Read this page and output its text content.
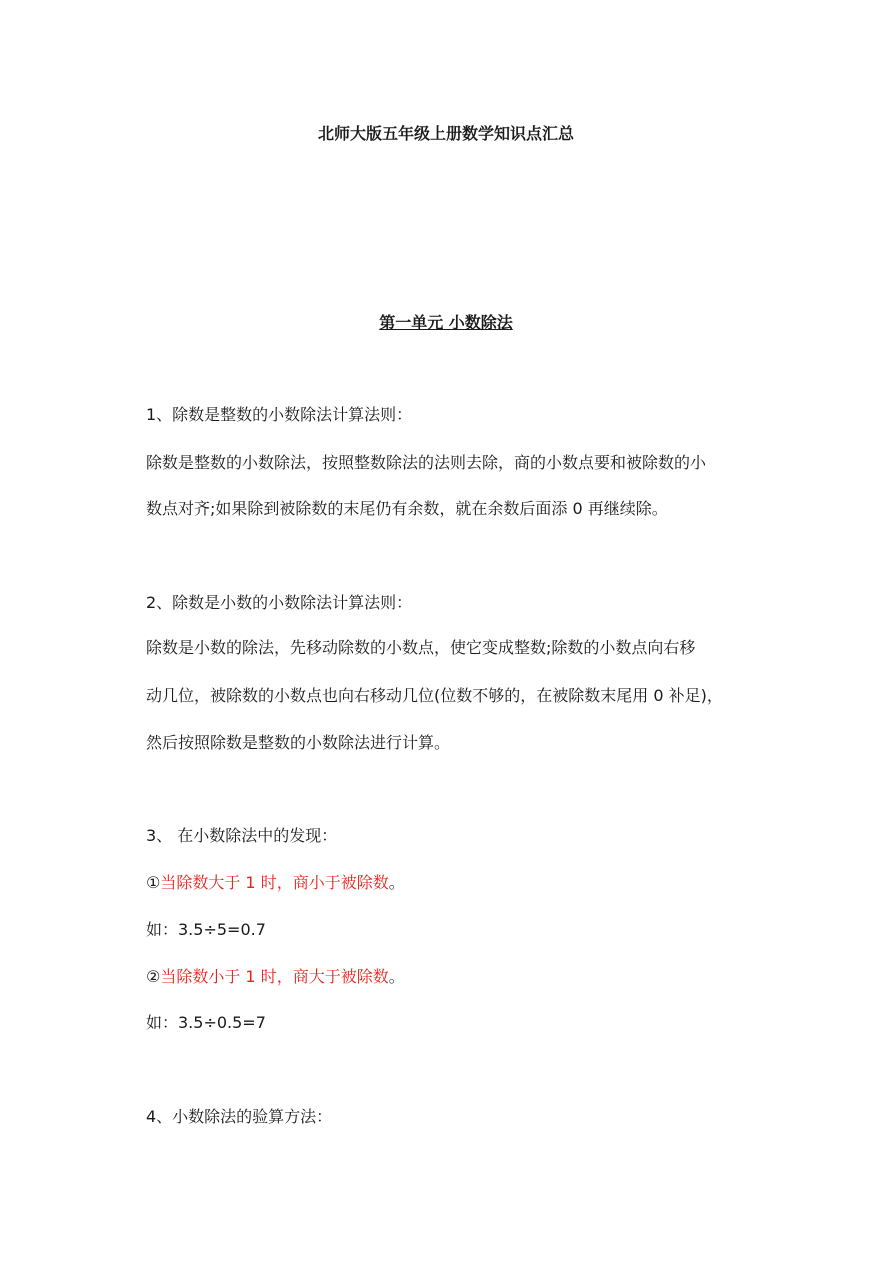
北师大版五年级上册数学知识点汇总
第一单元 小数除法
1、除数是整数的小数除法计算法则：
除数是整数的小数除法，按照整数除法的法则去除，商的小数点要和被除数的小
数点对齐;如果除到被除数的末尾仍有余数，就在余数后面添 0 再继续除。
2、除数是小数的小数除法计算法则：
除数是小数的除法，先移动除数的小数点，使它变成整数;除数的小数点向右移
动几位，被除数的小数点也向右移动几位(位数不够的，在被除数末尾用 0 补足)，
然后按照除数是整数的小数除法进行计算。
3、 在小数除法中的发现：
①当除数大于 1 时，商小于被除数。
如：3.5÷5=0.7
②当除数小于 1 时，商大于被除数。
如：3.5÷0.5=7
4、小数除法的验算方法：
